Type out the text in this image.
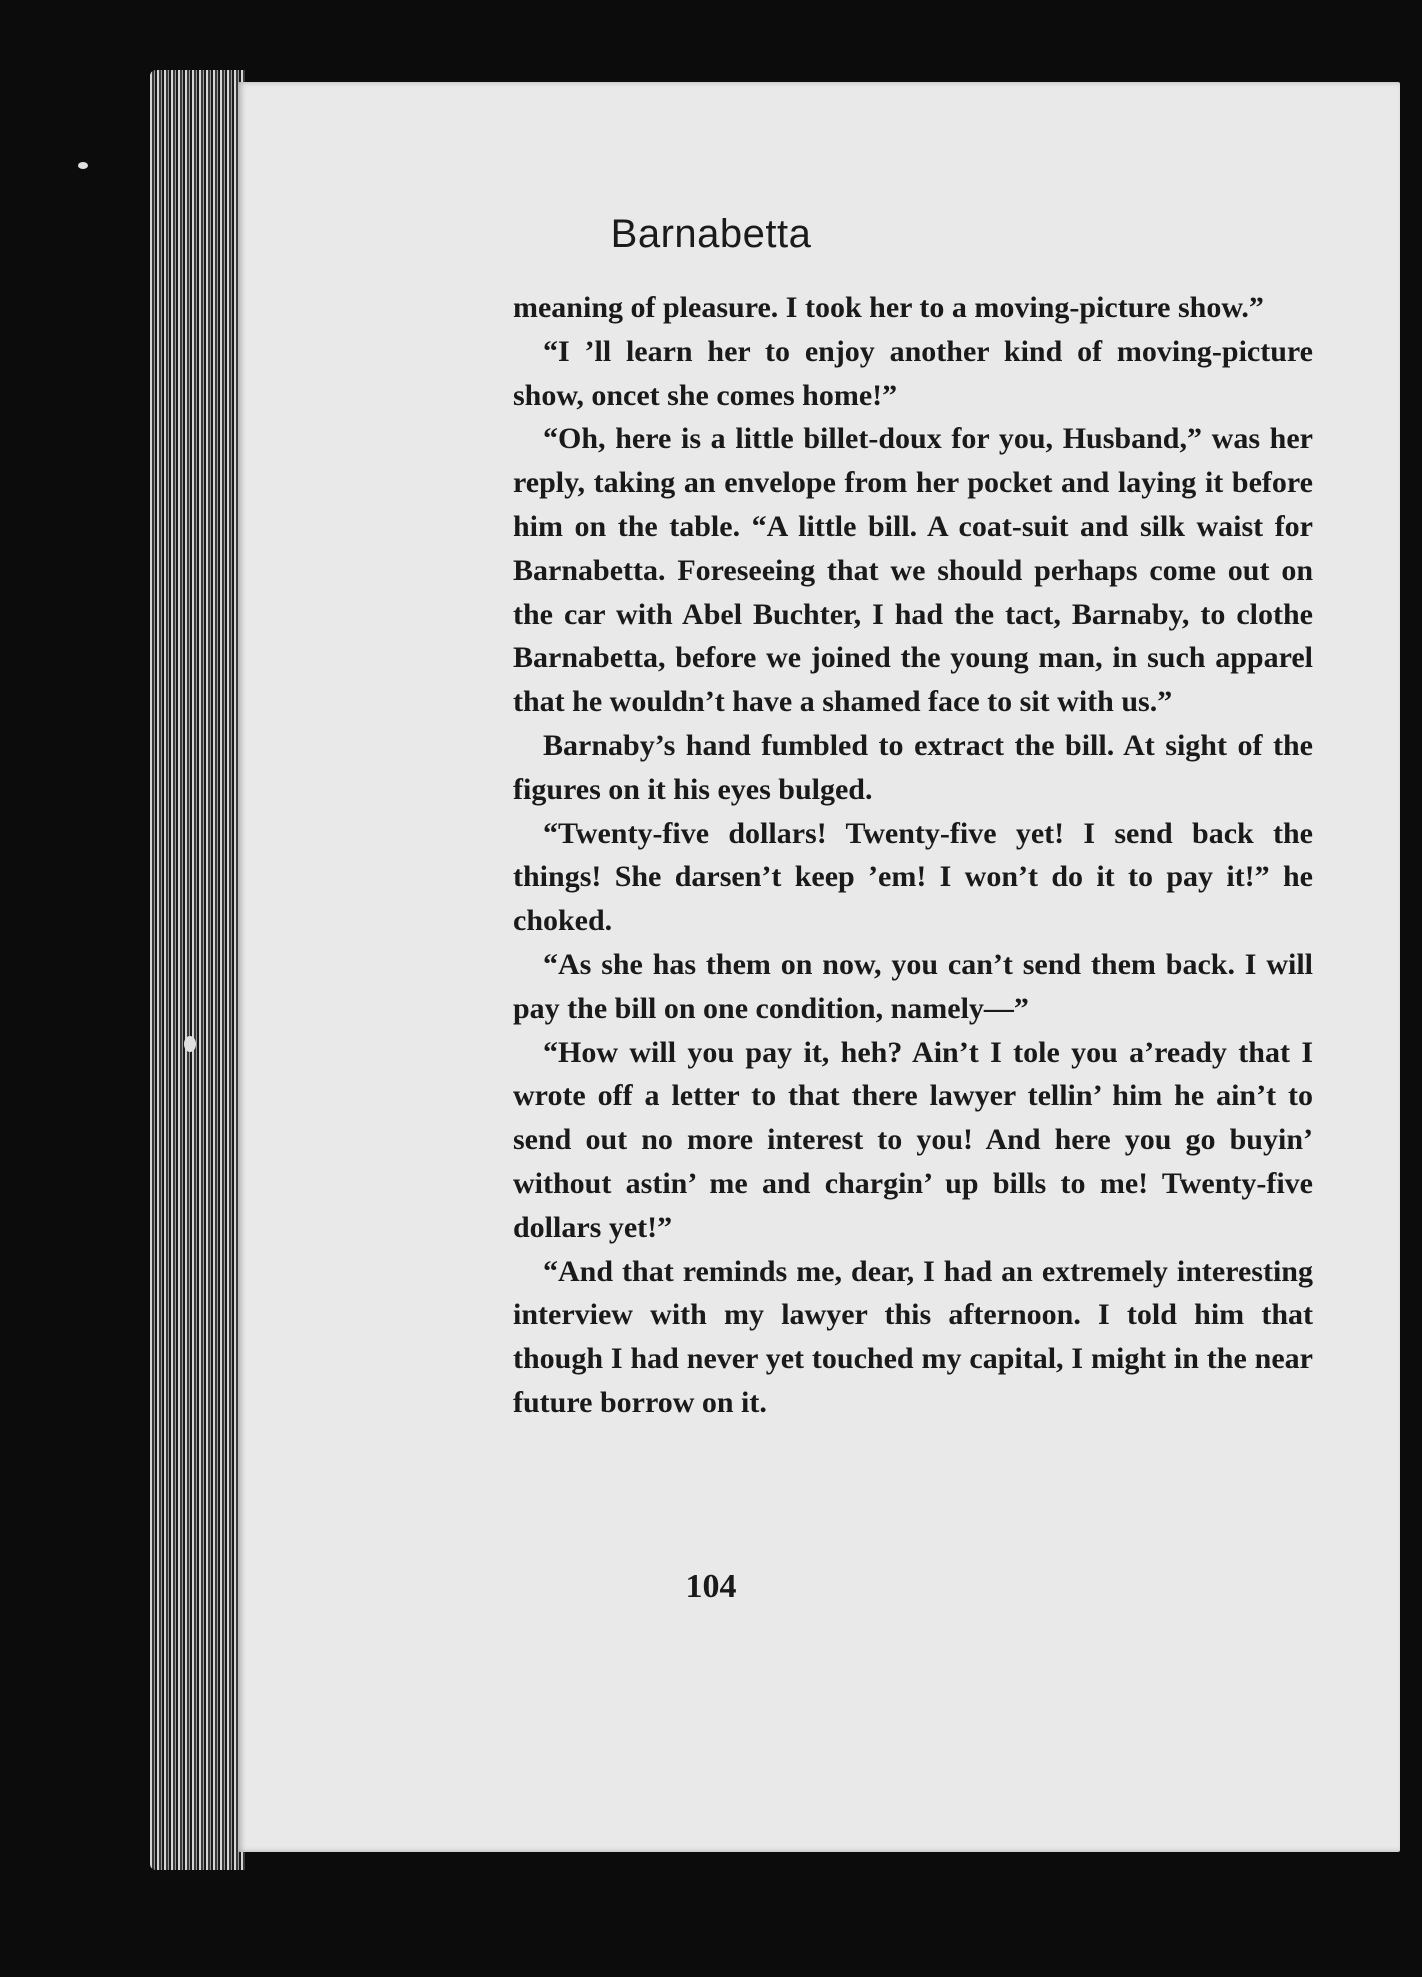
Barnabetta

meaning of pleasure. I took her to a moving-picture show.”

“I ’ll learn her to enjoy another kind of moving-picture show, oncet she comes home!”

“Oh, here is a little billet-doux for you, Husband,” was her reply, taking an envelope from her pocket and laying it before him on the table. “A little bill. A coat-suit and silk waist for Barnabetta. Foreseeing that we should perhaps come out on the car with Abel Buchter, I had the tact, Barnaby, to clothe Barnabetta, before we joined the young man, in such apparel that he wouldn’t have a shamed face to sit with us.”

Barnaby’s hand fumbled to extract the bill. At sight of the figures on it his eyes bulged.

“Twenty-five dollars! Twenty-five yet! I send back the things! She darsen’t keep ’em! I won’t do it to pay it!” he choked.

“As she has them on now, you can’t send them back. I will pay the bill on one condition, namely—”

“How will you pay it, heh? Ain’t I tole you a’ready that I wrote off a letter to that there lawyer tellin’ him he ain’t to send out no more interest to you! And here you go buyin’ without astin’ me and chargin’ up bills to me! Twenty-five dollars yet!”

“And that reminds me, dear, I had an extremely interesting interview with my lawyer this afternoon. I told him that though I had never yet touched my capital, I might in the near future borrow on it.

104
